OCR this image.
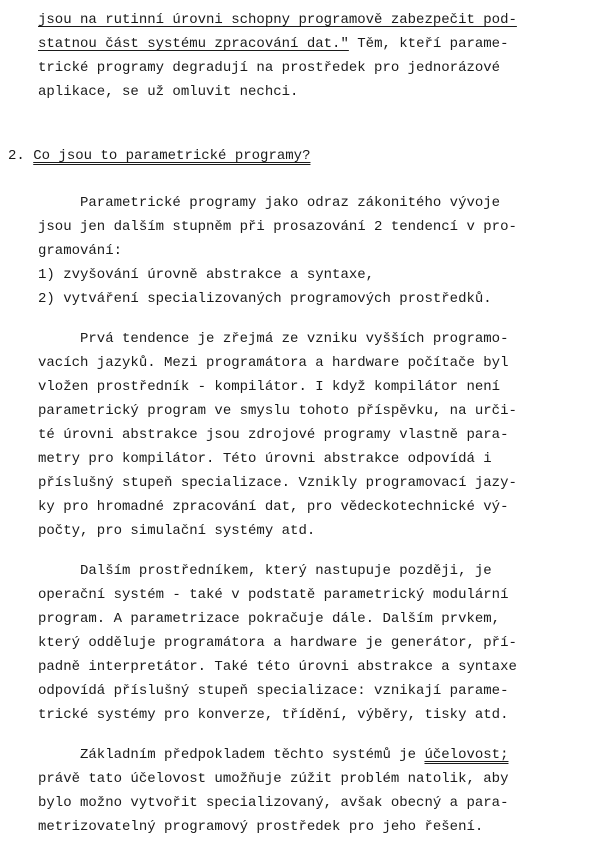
jsou na rutinní úrovni schopny programově zabezpečit pod-
statnou část systému zpracování dat." Těm, kteří parame-
trické programy degradují na prostředek pro jednorázové
aplikace, se už omluvit nechci.
2. Co jsou to parametrické programy?
Parametrické programy jako odraz zákonitého vývoje
jsou jen dalším stupněm při prosazování 2 tendencí v pro-
gramování:
1) zvyšování úrovně abstrakce a syntaxe,
2) vytváření specializovaných programových prostředků.
Prvá tendence je zřejmá ze vzniku vyšších programo-
vacích jazyků. Mezi programátora a hardware počítače byl
vložen prostředník - kompilátor. I když kompilátor není
parametrický program ve smyslu tohoto příspěvku, na urči-
té úrovni abstrakce jsou zdrojové programy vlastně para-
metry pro kompilátor. Této úrovni abstrakce odpovídá i
příslušný stupeň specializace. Vznikly programovací jazy-
ky pro hromadné zpracování dat, pro vědeckotechnické vý-
počty, pro simulační systémy atd.
Dalším prostředníkem, který nastupuje později, je
operační systém - také v podstatě parametrický modulární
program. A parametrizace pokračuje dále. Dalším prvkem,
který odděluje programátora a hardware je generátor, pří-
padně interpretátor. Také této úrovni abstrakce a syntaxe
odpovídá příslušný stupeň specializace: vznikají parame-
trické systémy pro konverze, třídění, výběry, tisky atd.
Základním předpokladem těchto systémů je účelovost;
právě tato účelovost umožňuje zúžit problém natolik, aby
bylo možno vytvořit specializovaný, avšak obecný a para-
metrizovatelný programový prostředek pro jeho řešení.
